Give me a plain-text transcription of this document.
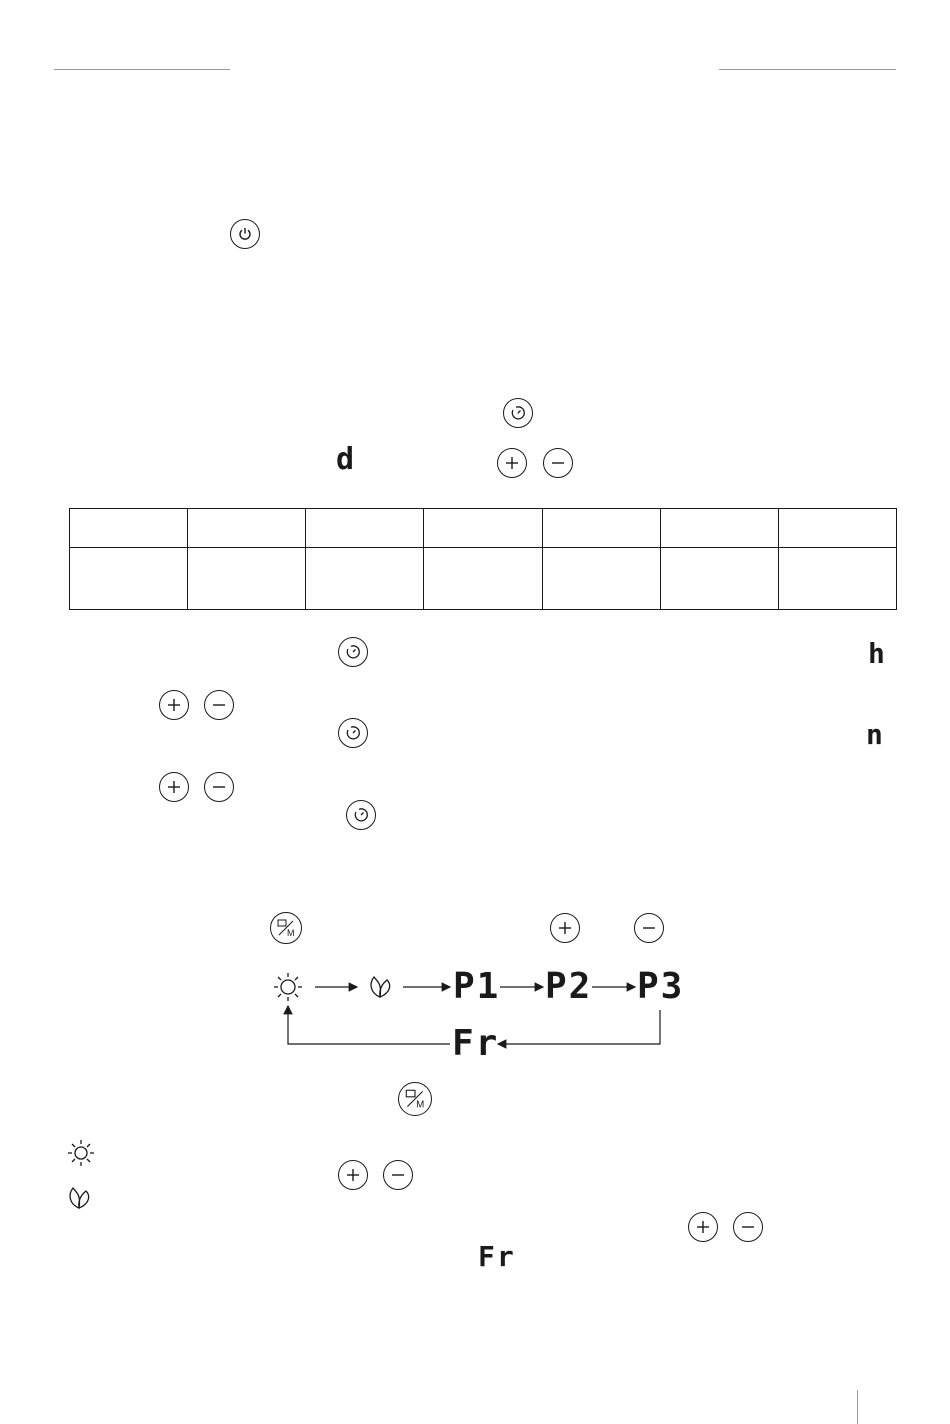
d

h
n
M
P1 P2 P3
Fr
M
Fr
